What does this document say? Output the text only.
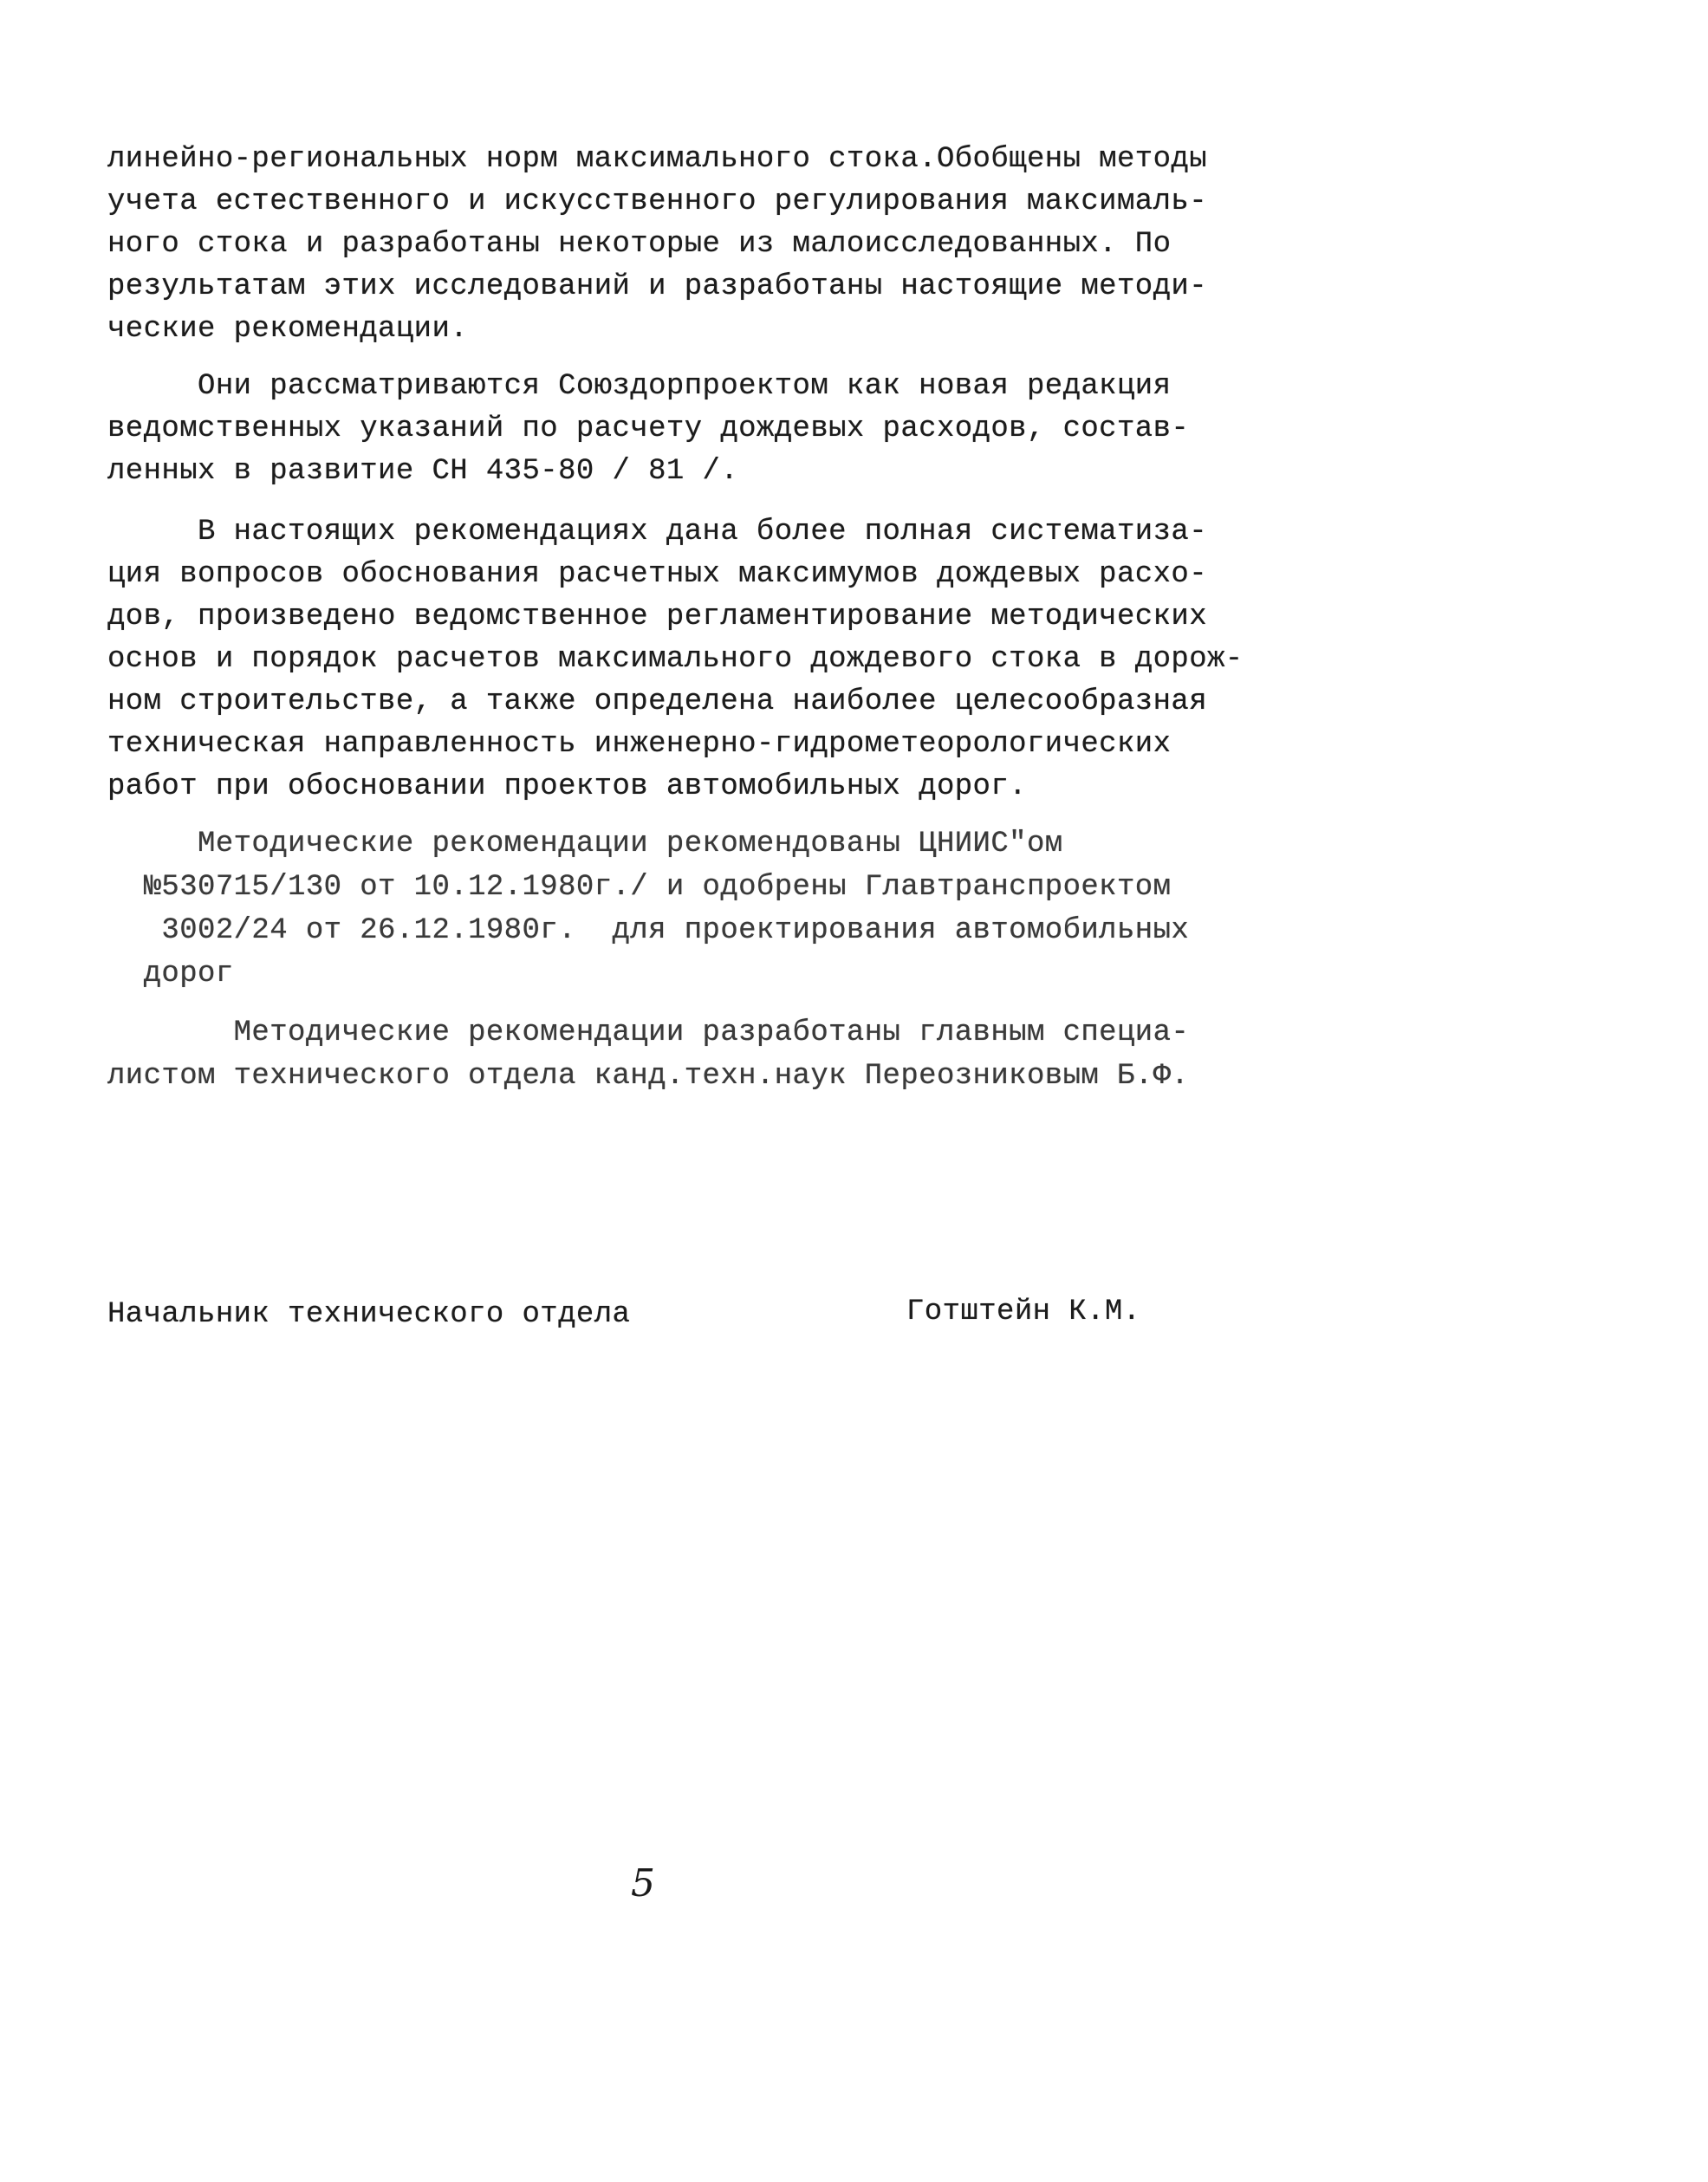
линейно-региональных норм максимального стока.Обобщены методы
учета естественного и искусственного регулирования максималь-
ного стока и разработаны некоторые из малоисследованных. По
результатам этих исследований и разработаны настоящие методи-
ческие рекомендации.
Они рассматриваются Союздорпроектом как новая редакция
ведомственных указаний по расчету дождевых расходов, состав-
ленных в развитие СН 435-80 / 81 /.
В настоящих рекомендациях дана более полная систематиза-
ция вопросов обоснования расчетных максимумов дождевых расхо-
дов, произведено ведомственное регламентирование методических
основ и порядок расчетов максимального дождевого стока в дорож-
ном строительстве, а также определена наиболее целесообразная
техническая направленность инженерно-гидрометеорологических
работ при обосновании проектов автомобильных дорог.
Методические рекомендации рекомендованы ЦНИИС"ом
№530715/130 от 10.12.1980г./ и одобрены Главтранспроектом
3002/24 от 26.12.1980г.  для проектирования автомобильных
дорог
Методические рекомендации разработаны главным специа-
листом технического отдела канд.техн.наук Переозниковым Б.Ф.
Начальник технического отдела	Готштейн К.М.
5
